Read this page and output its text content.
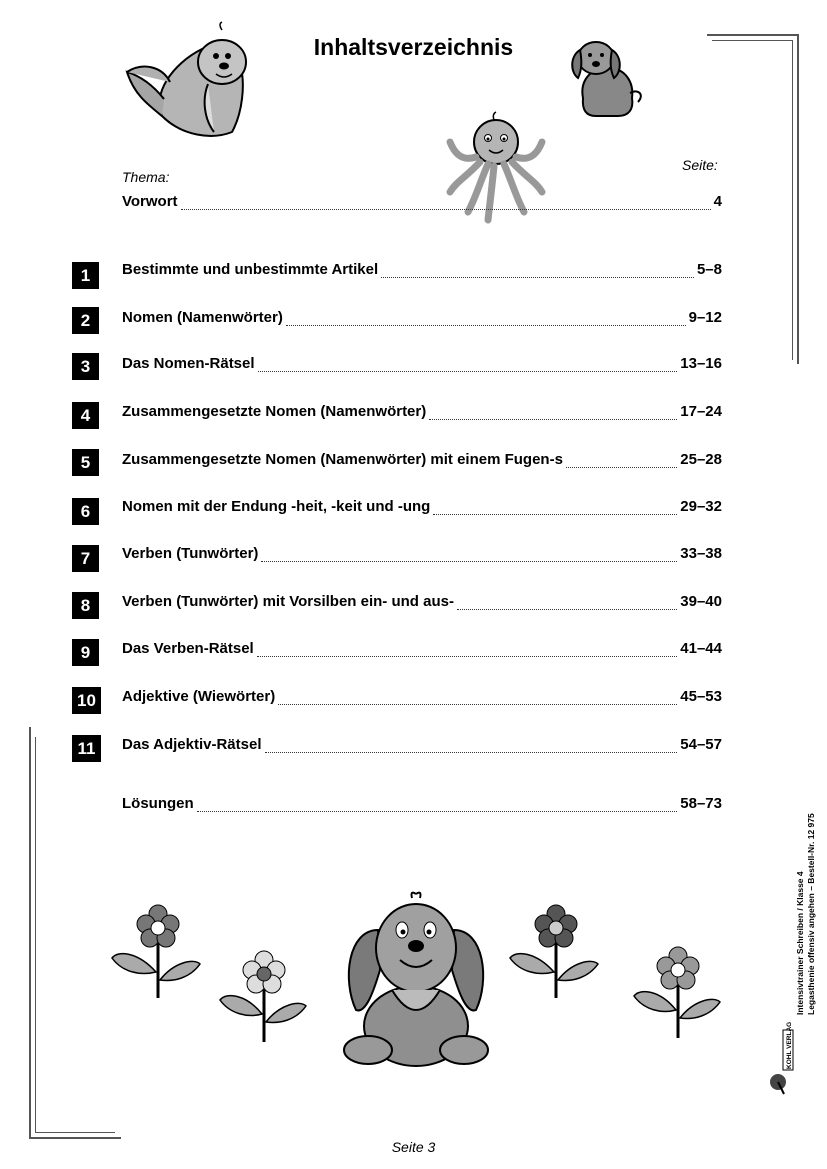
Inhaltsverzeichnis
Thema:
Seite:
Vorwort	4
1	Bestimmte und unbestimmte Artikel	5–8
2	Nomen (Namenwörter)	9–12
3	Das Nomen-Rätsel	13–16
4	Zusammengesetzte Nomen (Namenwörter)	17–24
5	Zusammengesetzte Nomen (Namenwörter) mit einem Fugen-s	25–28
6	Nomen mit der Endung -heit, -keit und -ung	29–32
7	Verben (Tunwörter)	33–38
8	Verben (Tunwörter) mit Vorsilben ein- und aus-	39–40
9	Das Verben-Rätsel	41–44
10	Adjektive (Wiewörter)	45–53
11	Das Adjektiv-Rätsel	54–57
Lösungen	58–73
Intensivtrainer Schreiben / Klasse 4 Legasthenie offensiv angehen – Bestell-Nr. 12 975
KOHL VERLAG
Seite 3
